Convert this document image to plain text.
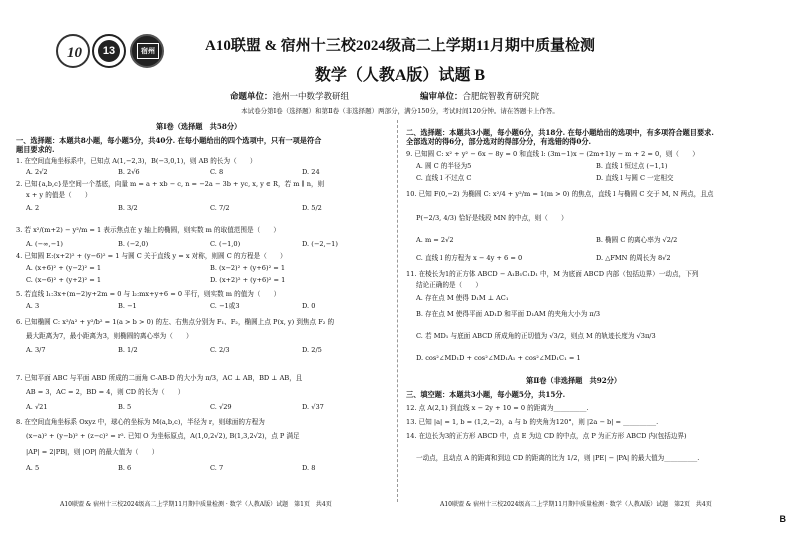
10	13	宿州	A10联盟 & 宿州十三校2024级高二上学期11月期中质量检测
数学（人教A版）试题 B
命题单位：池州一中数学教研组	编审单位：合肥皖智教育研究院
本试卷分第Ⅰ卷（选择题）和第Ⅱ卷（非选择题）两部分，满分150分，考试时间120分钟。请在答题卡上作答。
第Ⅰ卷（选择题　共58分）
一、选择题：本题共8小题，每小题5分，共40分. 在每小题给出的四个选项中，只有一项是符合
题目要求的.
1. 在空间直角坐标系中，已知点 A(1,−2,3)，B(−3,0,1)，则 AB 的长为（　　）
A. 2√2	B. 2√6	C. 8	D. 24
2. 已知{a,b,c}是空间一个基底，向量 m = a + xb − c, n = −2a − 3b + yc, x, y ∈ R，若 m ∥ n，则
x + y 的值是（　　）
A. 2	B. 3/2	C. 7/2	D. 5/2
3. 若 x²/(m+2) − y²/m = 1 表示焦点在 y 轴上的椭圆，则实数 m 的取值范围是（　　）
A. (−∞,−1)	B. (−2,0)	C. (−1,0)	D. (−2,−1)
4. 已知圆 E:(x+2)² + (y−6)² = 1 与圆 C 关于直线 y = x 对称，则圆 C 的方程是（　　）
A. (x+6)² + (y−2)² = 1	B. (x−2)² + (y+6)² = 1
C. (x−6)² + (y+2)² = 1	D. (x+2)² + (y+6)² = 1
5. 若直线 l₁:3x+(m−2)y+2m = 0 与 l₂:mx+y+6 = 0 平行，则实数 m 的值为（　　）
A. 3	B. −1	C. −1或3	D. 0
6. 已知椭圆 C: x²/a² + y²/b² = 1(a > b > 0) 的左、右焦点分别为 F₁、F₂，椭圆上点 P(x, y) 到焦点 F₂ 的
最大距离为7，最小距离为3，则椭圆的离心率为（　　）
A. 3/7	B. 1/2	C. 2/3	D. 2/5
7. 已知平面 ABC 与平面 ABD 所成的二面角 C-AB-D 的大小为 π/3，AC ⊥ AB，BD ⊥ AB，且
AB = 3，AC = 2，BD = 4，则 CD 的长为（　　）
A. √21	B. 5	C. √29	D. √37
8. 在空间直角坐标系 Oxyz 中，球心的坐标为 M(a,b,c)，半径为 r，则球面的方程为
(x−a)² + (y−b)² + (z−c)² = r². 已知 O 为坐标原点，A(1,0,2√2), B(1,3,2√2)，点 P 满足
|AP| = 2|PB|，则 |OP| 的最大值为（　　）
A. 5	B. 6	C. 7	D. 8
二、选择题：本题共3小题，每小题6分，共18分. 在每小题给出的选项中，有多项符合题目要求.
全部选对的得6分，部分选对的得部分分，有选错的得0分.
9. 已知圆 C: x² + y² − 6x − 8y = 0 和直线 l: (3m−1)x − (2m+1)y − m + 2 = 0，则（　　）
A. 圆 C 的半径为5	B. 直线 l 恒过点 (−1,1)
C. 直线 l 不过点 C	D. 直线 l 与圆 C 一定相交
10. 已知 F(0,−2) 为椭圆 C: x²/4 + y²/m = 1(m > 0) 的焦点，直线 l 与椭圆 C 交于 M, N 两点，且点
P(−2/3, 4/3) 恰好是线段 MN 的中点，则（　　）
A. m = 2√2	B. 椭圆 C 的离心率为 √2/2
C. 直线 l 的方程为 x − 4y + 6 = 0	D. △FMN 的周长为 8√2
11. 在棱长为1的正方体 ABCD − A₁B₁C₁D₁ 中，M 为底面 ABCD 内部（包括边界）一动点，下列
结论正确的是（　　）
A. 存在点 M 使得 D₁M ⊥ AC₁
B. 存在点 M 使得平面 AD₁D 和平面 D₁AM 的夹角大小为 π/3
C. 若 MD₁ 与底面 ABCD 所成角的正切值为 √3/2，则点 M 的轨迹长度为 √3π/3
D. cos²∠MD₁D + cos²∠MD₁A₁ + cos²∠MD₁C₁ = 1
第Ⅱ卷（非选择题　共92分）
三、填空题：本题共3小题，每小题5分，共15分.
12. 点 A(2,1) 到直线 x − 2y + 10 = 0 的距离为__________.
13. 已知 |a| = 1, b = (1,2,−2)，a 与 b 的夹角为120°，则 |2a − b| = __________.
14. 在边长为3的正方形 ABCD 中，点 E 为边 CD 的中点，点 P 为正方形 ABCD 内(包括边界)
一动点，且动点 A 的距离和到边 CD 的距离的比为 1/2，则 |PE| − |PA| 的最大值为__________.
A10联盟 & 宿州十三校2024级高二上学期11月期中质量检测 · 数学（人教A版）试题　第1页　共4页	A10联盟 & 宿州十三校2024级高二上学期11月期中质量检测 · 数学（人教A版）试题　第2页　共4页
B
